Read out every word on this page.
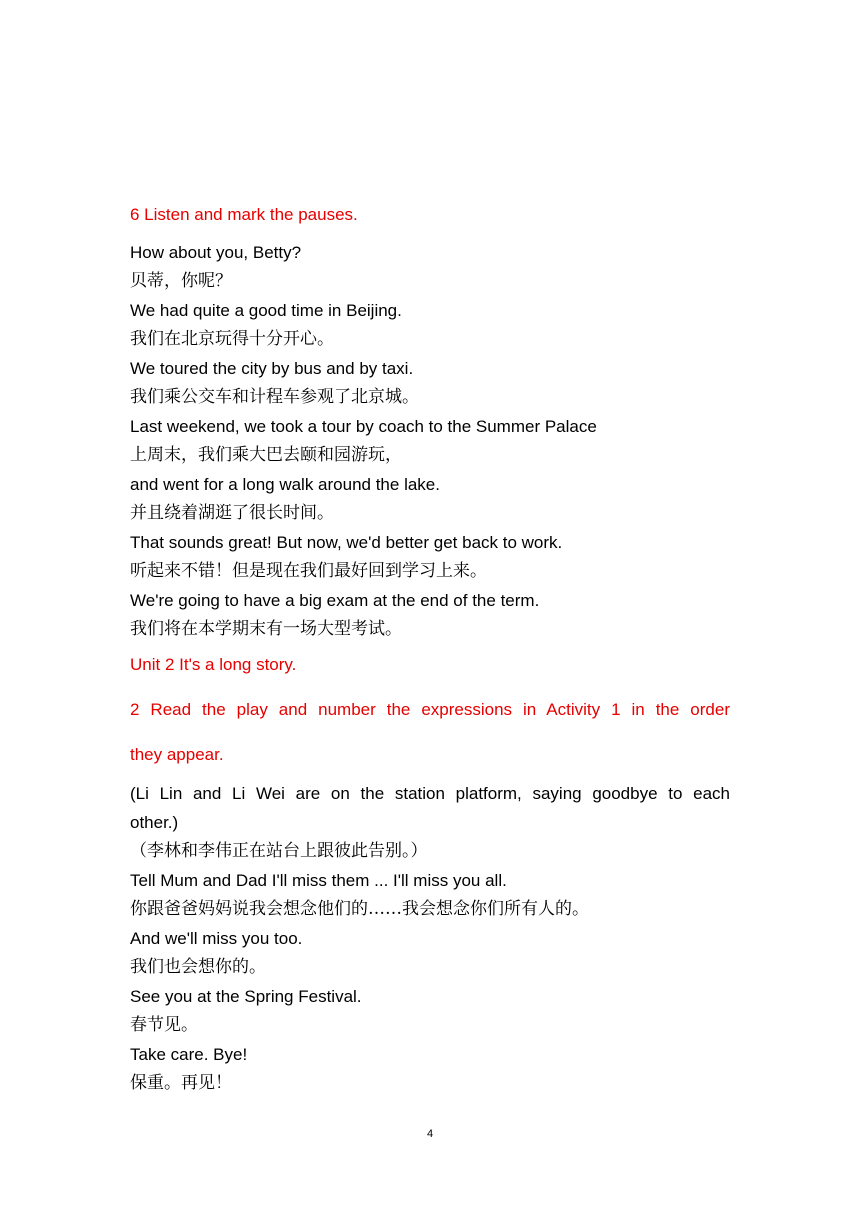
6 Listen and mark the pauses.
How about you, Betty?
贝蒂，你呢？
We had quite a good time in Beijing.
我们在北京玩得十分开心。
We toured the city by bus and by taxi.
我们乘公交车和计程车参观了北京城。
Last weekend, we took a tour by coach to the Summer Palace
上周末，我们乘大巴去颐和园游玩，
and went for a long walk around the lake.
并且绕着湖逛了很长时间。
That sounds great! But now, we'd better get back to work.
听起来不错！但是现在我们最好回到学习上来。
We're going to have a big exam at the end of the term.
我们将在本学期末有一场大型考试。
Unit 2 It's a long story.
2 Read the play and number the expressions in Activity 1 in the order
they appear.
(Li Lin and Li Wei are on the station platform, saying goodbye to each
other.)
（李林和李伟正在站台上跟彼此告别。）
Tell Mum and Dad I'll miss them ... I'll miss you all.
你跟爸爸妈妈说我会想念他们的……我会想念你们所有人的。
And we'll miss you too.
我们也会想你的。
See you at the Spring Festival.
春节见。
Take care. Bye!
保重。再见！
4
